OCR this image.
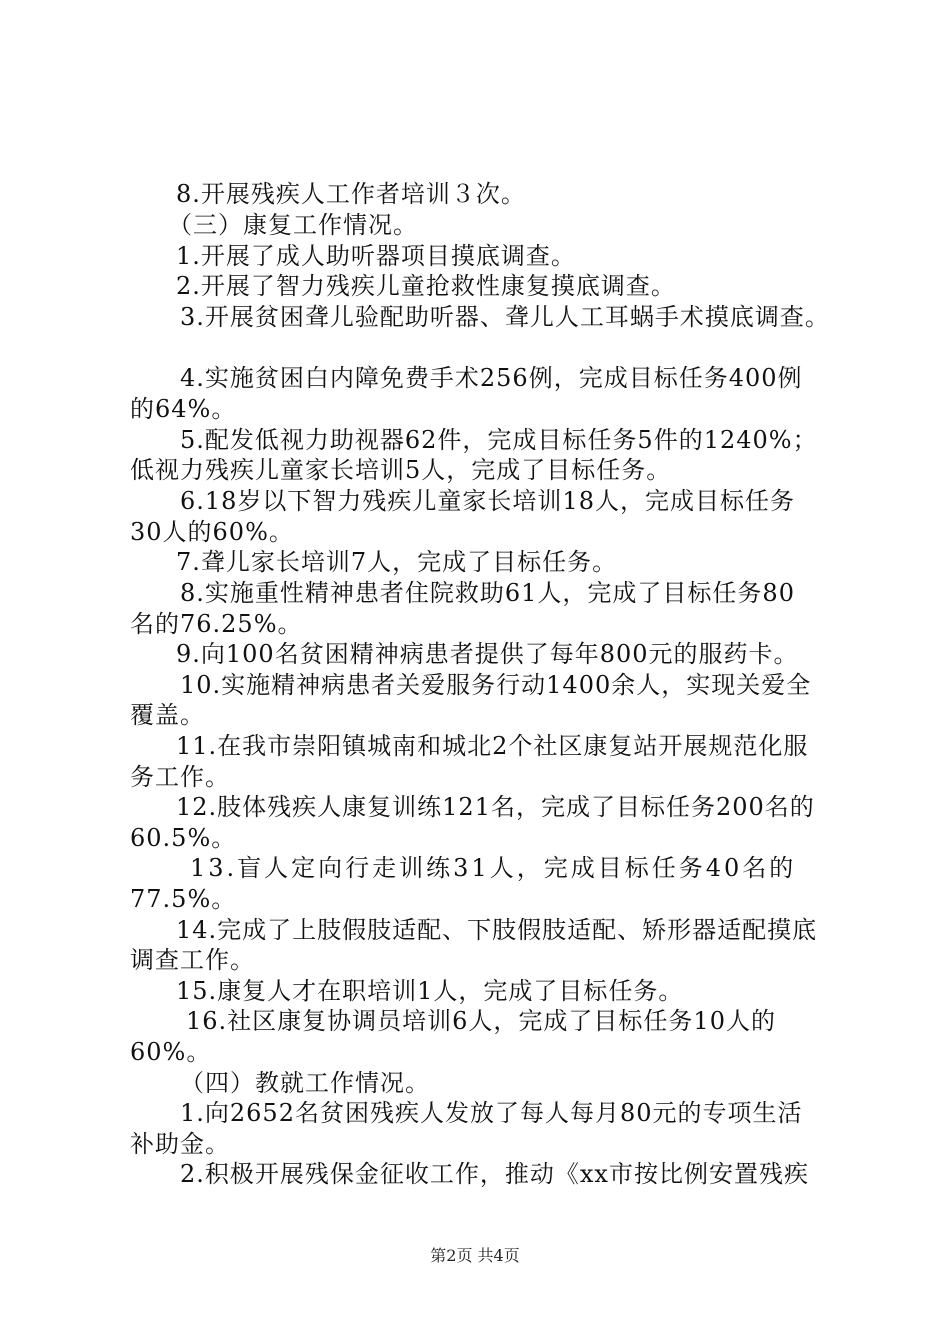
8.开展残疾人工作者培训３次。
（三）康复工作情况。
1.开展了成人助听器项目摸底调查。
2.开展了智力残疾儿童抢救性康复摸底调查。
3.开展贫困聋儿验配助听器、聋儿人工耳蜗手术摸底调查。
4.实施贫困白内障免费手术256例，完成目标任务400例
的64%。
5.配发低视力助视器62件，完成目标任务5件的1240%；
低视力残疾儿童家长培训5人，完成了目标任务。
6.18岁以下智力残疾儿童家长培训18人，完成目标任务
30人的60%。
7.聋儿家长培训7人，完成了目标任务。
8.实施重性精神患者住院救助61人，完成了目标任务80
名的76.25%。
9.向100名贫困精神病患者提供了每年800元的服药卡。
10.实施精神病患者关爱服务行动1400余人，实现关爱全
覆盖。
11.在我市崇阳镇城南和城北2个社区康复站开展规范化服
务工作。
12.肢体残疾人康复训练121名，完成了目标任务200名的
60.5%。
13.盲人定向行走训练31人，完成目标任务40名的
77.5%。
14.完成了上肢假肢适配、下肢假肢适配、矫形器适配摸底
调查工作。
15.康复人才在职培训1人，完成了目标任务。
16.社区康复协调员培训6人，完成了目标任务10人的
60%。
（四）教就工作情况。
1.向2652名贫困残疾人发放了每人每月80元的专项生活
补助金。
2.积极开展残保金征收工作，推动《xx市按比例安置残疾
第2页 共4页
